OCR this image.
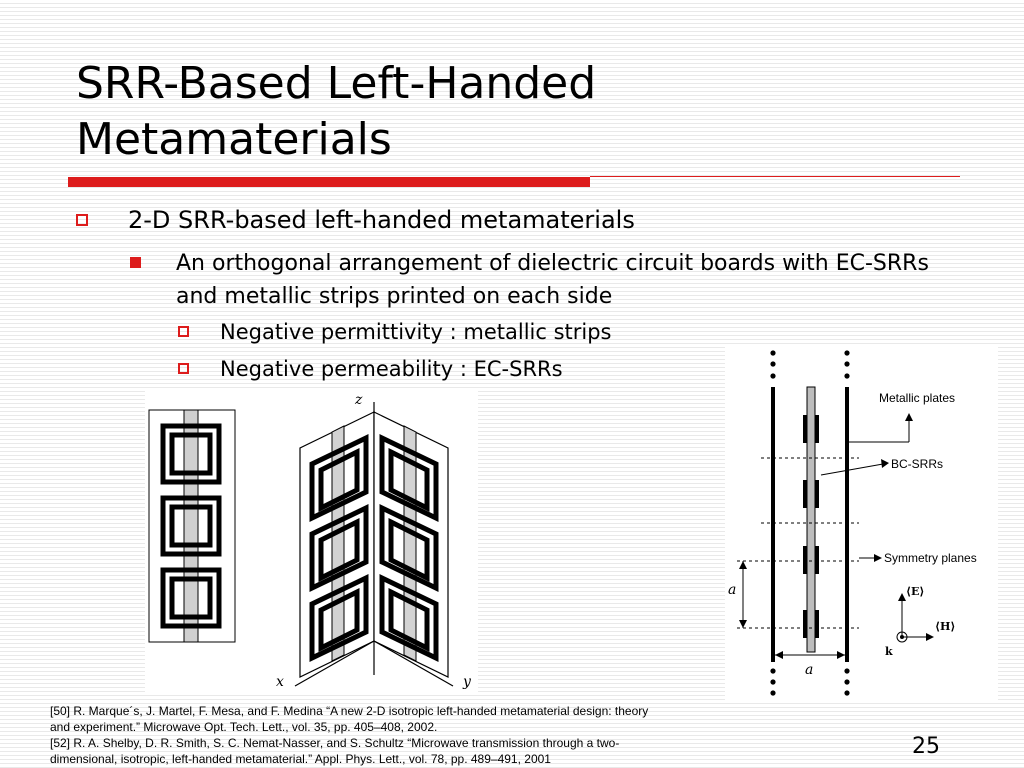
SRR-Based Left-Handed
Metamaterials
2-D SRR-based left-handed metamaterials
An orthogonal arrangement of dielectric circuit boards with EC-SRRs and metallic strips printed on each side
Negative permittivity : metallic strips
Negative permeability : EC-SRRs
z
x	y
a
a
Metallic plates
BC-SRRs
Symmetry planes
⟨E⟩
⟨H⟩
k
[50] R. Marque´s, J. Martel, F. Mesa, and F. Medina “A new 2-D isotropic left-handed metamaterial design: theory
and experiment.” Microwave Opt. Tech. Lett., vol. 35, pp. 405–408, 2002.
[52] R. A. Shelby, D. R. Smith, S. C. Nemat-Nasser, and S. Schultz “Microwave transmission through a two-
dimensional, isotropic, left-handed metamaterial.” Appl. Phys. Lett., vol. 78, pp. 489–491, 2001	25
